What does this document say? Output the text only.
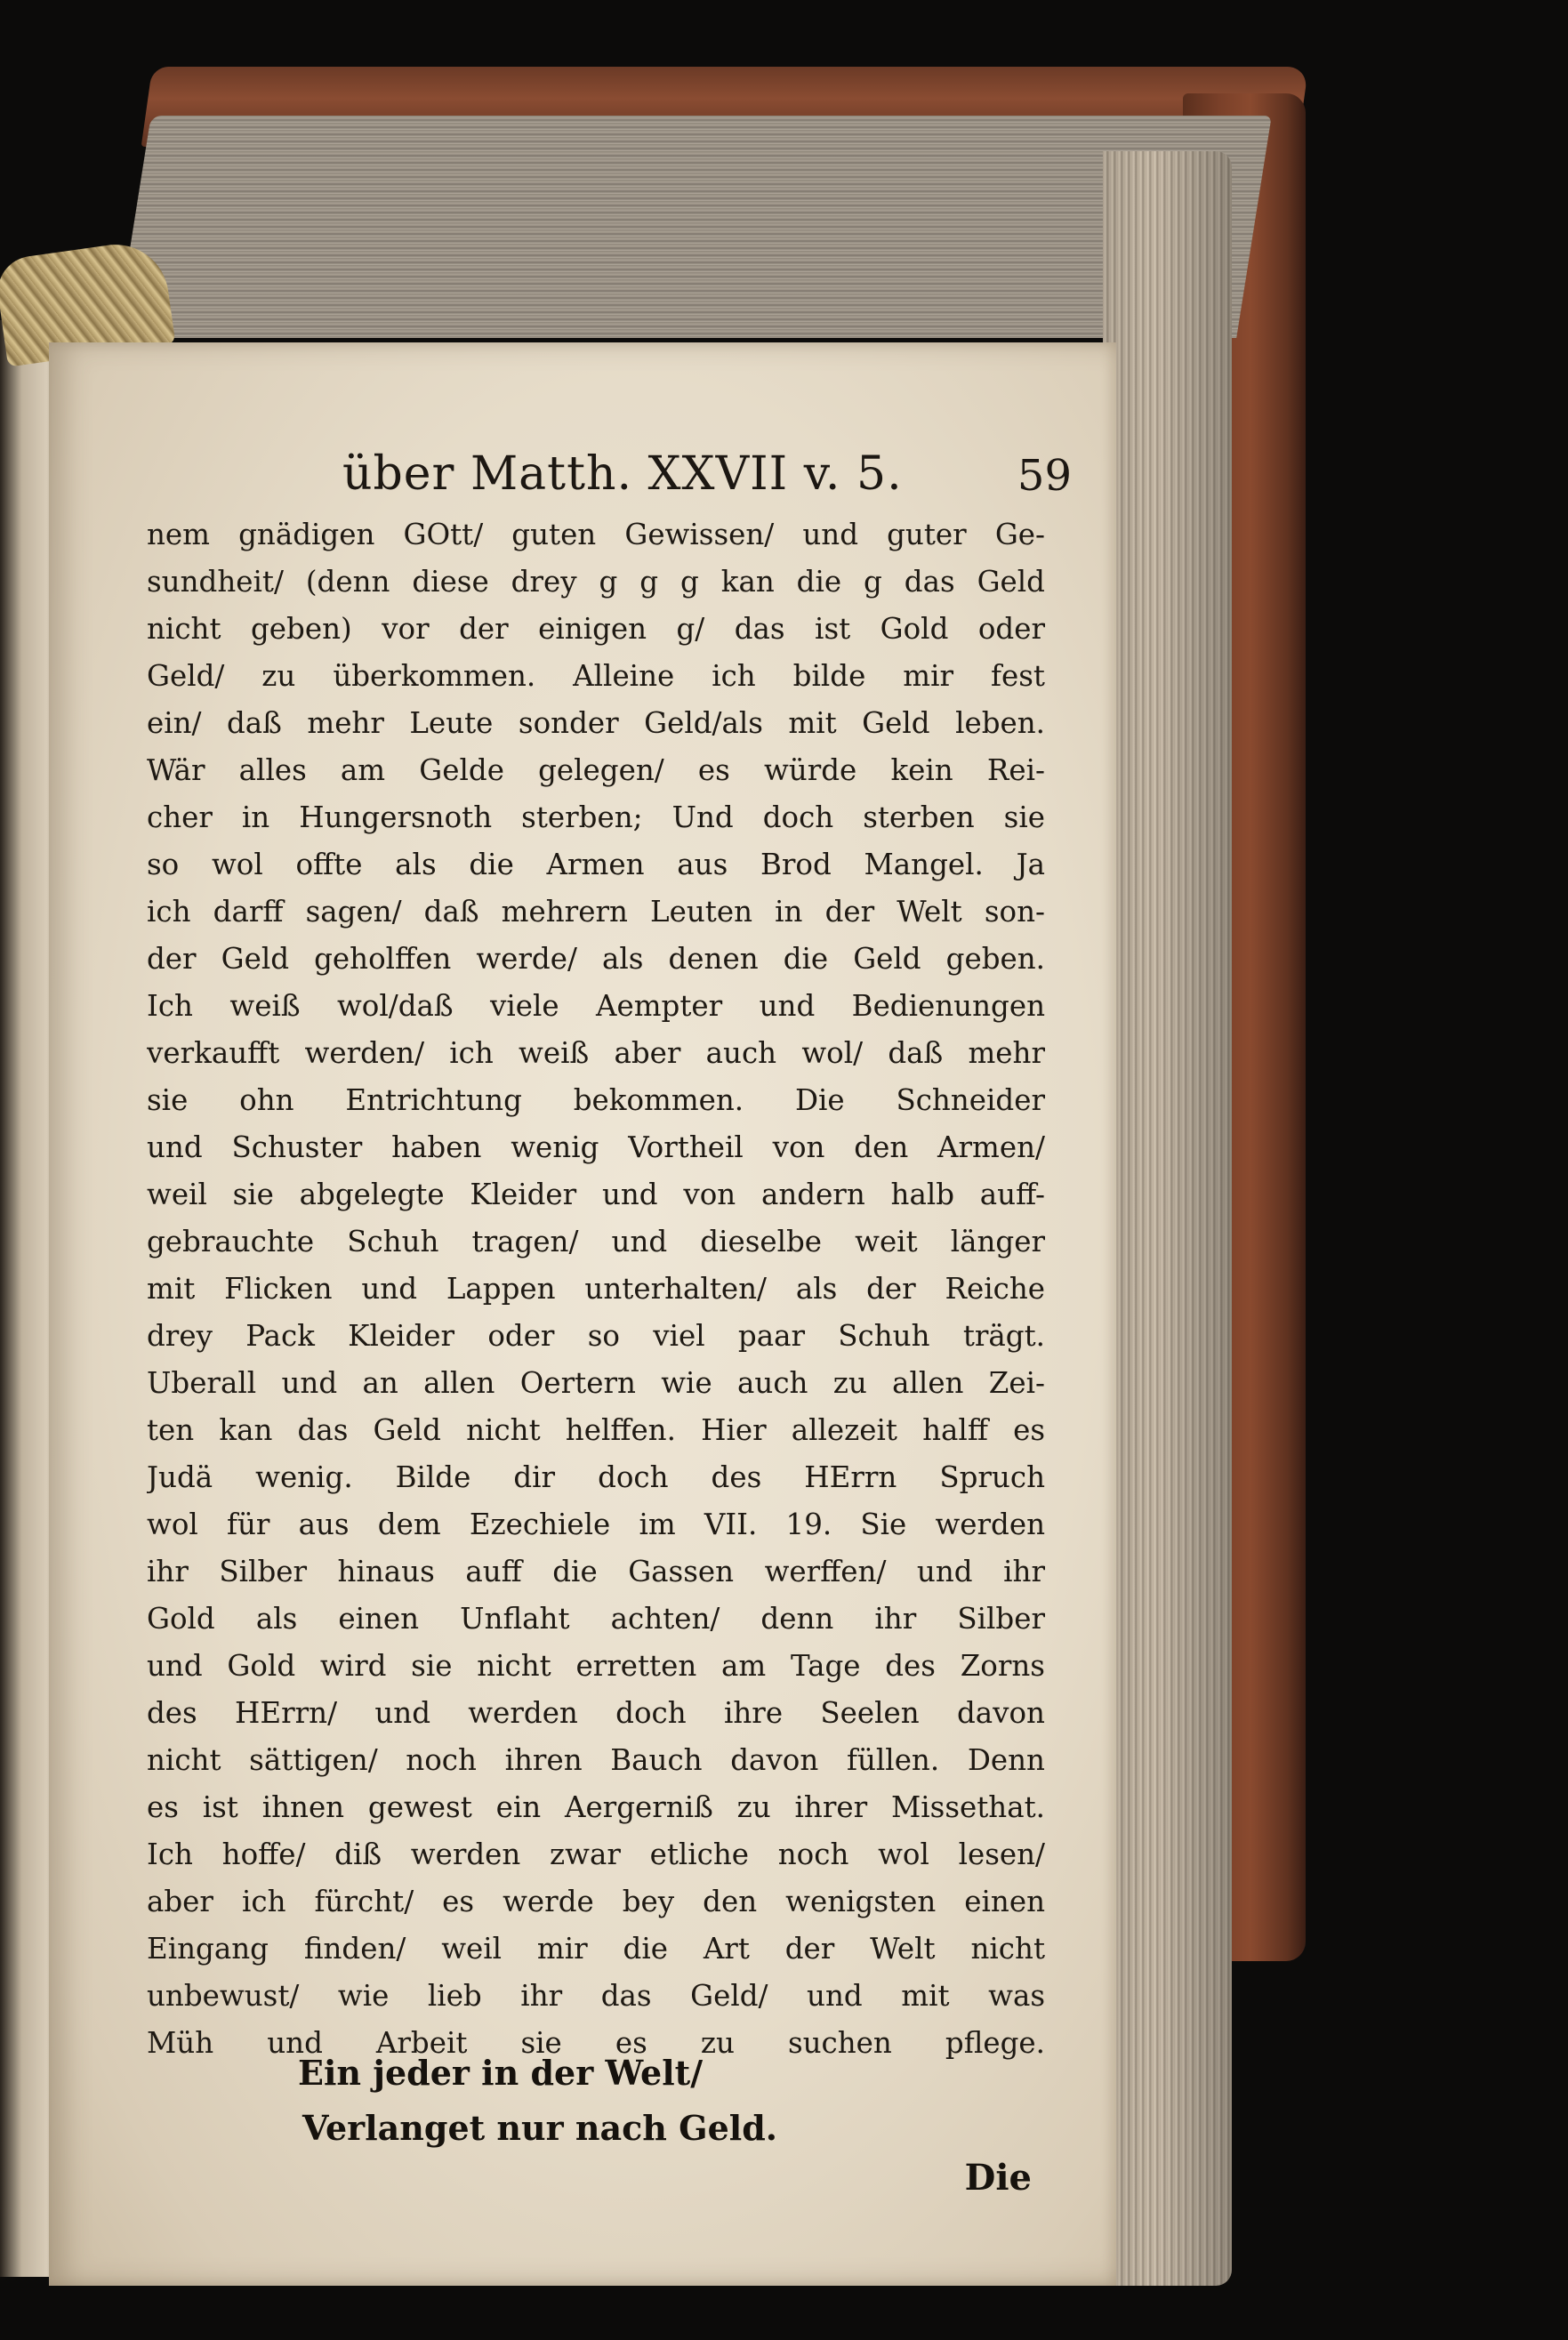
über Matth. XXVII v. 5.	59
nem gnädigen GOtt/ guten Gewissen/ und guter Ge-
sundheit/ (denn diese drey g g g kan die g das Geld
nicht geben) vor der einigen g/ das ist Gold oder
Geld/ zu überkommen. Alleine ich bilde mir fest
ein/ daß mehr Leute sonder Geld/als mit Geld leben.
Wär alles am Gelde gelegen/ es würde kein Rei-
cher in Hungersnoth sterben; Und doch sterben sie
so wol offte als die Armen aus Brod Mangel. Ja
ich darff sagen/ daß mehrern Leuten in der Welt son-
der Geld geholffen werde/ als denen die Geld geben.
Ich weiß wol/daß viele Aempter und Bedienungen
verkaufft werden/ ich weiß aber auch wol/ daß mehr
sie ohn Entrichtung bekommen. Die Schneider
und Schuster haben wenig Vortheil von den Armen/
weil sie abgelegte Kleider und von andern halb auff-
gebrauchte Schuh tragen/ und dieselbe weit länger
mit Flicken und Lappen unterhalten/ als der Reiche
drey Pack Kleider oder so viel paar Schuh trägt.
Uberall und an allen Oertern wie auch zu allen Zei-
ten kan das Geld nicht helffen. Hier allezeit halff es
Judä wenig. Bilde dir doch des HErrn Spruch
wol für aus dem Ezechiele im VII. 19. Sie werden
ihr Silber hinaus auff die Gassen werffen/ und ihr
Gold als einen Unflaht achten/ denn ihr Silber
und Gold wird sie nicht erretten am Tage des Zorns
des HErrn/ und werden doch ihre Seelen davon
nicht sättigen/ noch ihren Bauch davon füllen. Denn
es ist ihnen gewest ein Aergerniß zu ihrer Missethat.
Ich hoffe/ diß werden zwar etliche noch wol lesen/
aber ich fürcht/ es werde bey den wenigsten einen
Eingang finden/ weil mir die Art der Welt nicht
unbewust/ wie lieb ihr das Geld/ und mit was
Müh und Arbeit sie es zu suchen pflege.
Ein jeder in der Welt/
Verlanget nur nach Geld.
Die
